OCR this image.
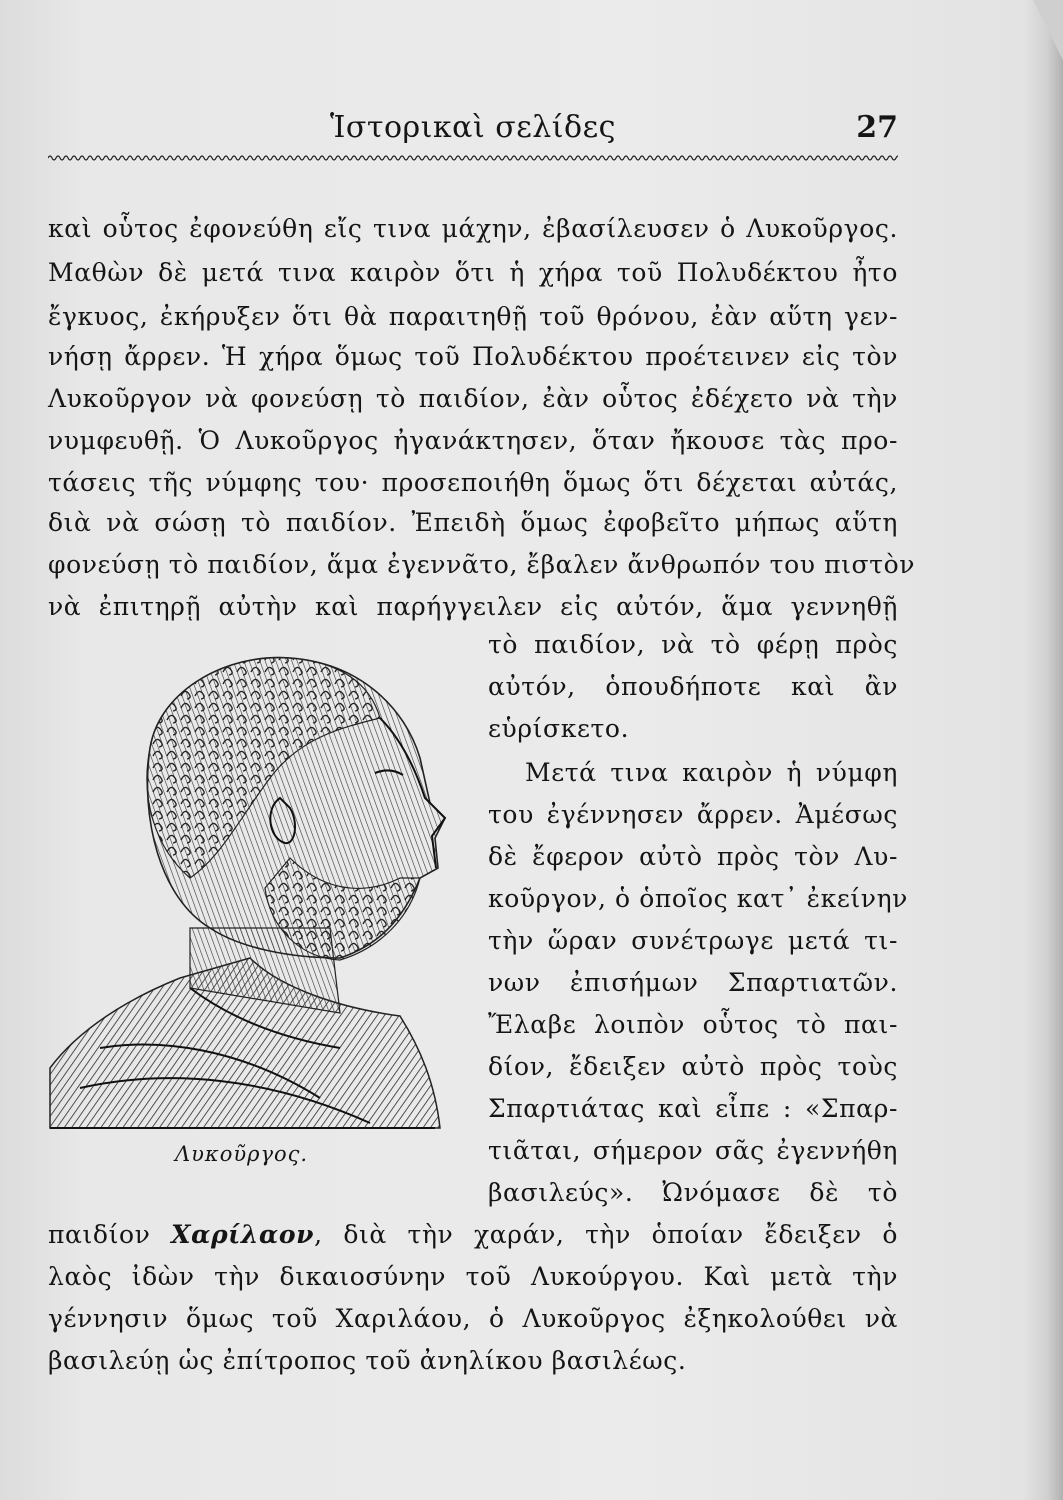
Ἱστορικαὶ σελίδες	27
καὶ οὗτος ἐφονεύθη εἴς τινα μάχην, ἐβασίλευσεν ὁ Λυκοῦργος.
Μαθὼν δὲ μετά τινα καιρὸν ὅτι ἡ χήρα τοῦ Πολυδέκτου ἦτο
ἔγκυος, ἐκήρυξεν ὅτι θὰ παραιτηθῇ τοῦ θρόνου, ἐὰν αὕτη γεν-
νήσῃ ἄρρεν. Ἡ χήρα ὅμως τοῦ Πολυδέκτου προέτεινεν εἰς τὸν
Λυκοῦργον νὰ φονεύσῃ τὸ παιδίον, ἐὰν οὗτος ἐδέχετο νὰ τὴν
νυμφευθῇ. Ὁ Λυκοῦργος ἠγανάκτησεν, ὅταν ἤκουσε τὰς προ-
τάσεις τῆς νύμφης του· προσεποιήθη ὅμως ὅτι δέχεται αὐτάς,
διὰ νὰ σώσῃ τὸ παιδίον. Ἐπειδὴ ὅμως ἐφοβεῖτο μήπως αὕτη
φονεύσῃ τὸ παιδίον, ἅμα ἐγεννᾶτο, ἔβαλεν ἄνθρωπόν του πιστὸν
νὰ ἐπιτηρῇ αὐτὴν καὶ παρήγγειλεν εἰς αὐτόν, ἅμα γεννηθῇ
Λυκοῦργος.
τὸ παιδίον, νὰ τὸ φέρῃ πρὸς
αὐτόν, ὁπουδήποτε καὶ ἂν
εὑρίσκετο.
Μετά τινα καιρὸν ἡ νύμφη
του ἐγέννησεν ἄρρεν. Ἀμέσως
δὲ ἔφερον αὐτὸ πρὸς τὸν Λυ-
κοῦργον, ὁ ὁποῖος κατ᾿ ἐκείνην
τὴν ὥραν συνέτρωγε μετά τι-
νων ἐπισήμων Σπαρτιατῶν.
Ἔλαβε λοιπὸν οὗτος τὸ παι-
δίον, ἔδειξεν αὐτὸ πρὸς τοὺς
Σπαρτιάτας καὶ εἶπε : «Σπαρ-
τιᾶται, σήμερον σᾶς ἐγεννήθη
βασιλεύς». Ὠνόμασε δὲ τὸ
παιδίον Χαρίλαον, διὰ τὴν χαράν, τὴν ὁποίαν ἔδειξεν ὁ
λαὸς ἰδὼν τὴν δικαιοσύνην τοῦ Λυκούργου. Καὶ μετὰ τὴν
γέννησιν ὅμως τοῦ Χαριλάου, ὁ Λυκοῦργος ἐξηκολούθει νὰ
βασιλεύῃ ὡς ἐπίτροπος τοῦ ἀνηλίκου βασιλέως.
